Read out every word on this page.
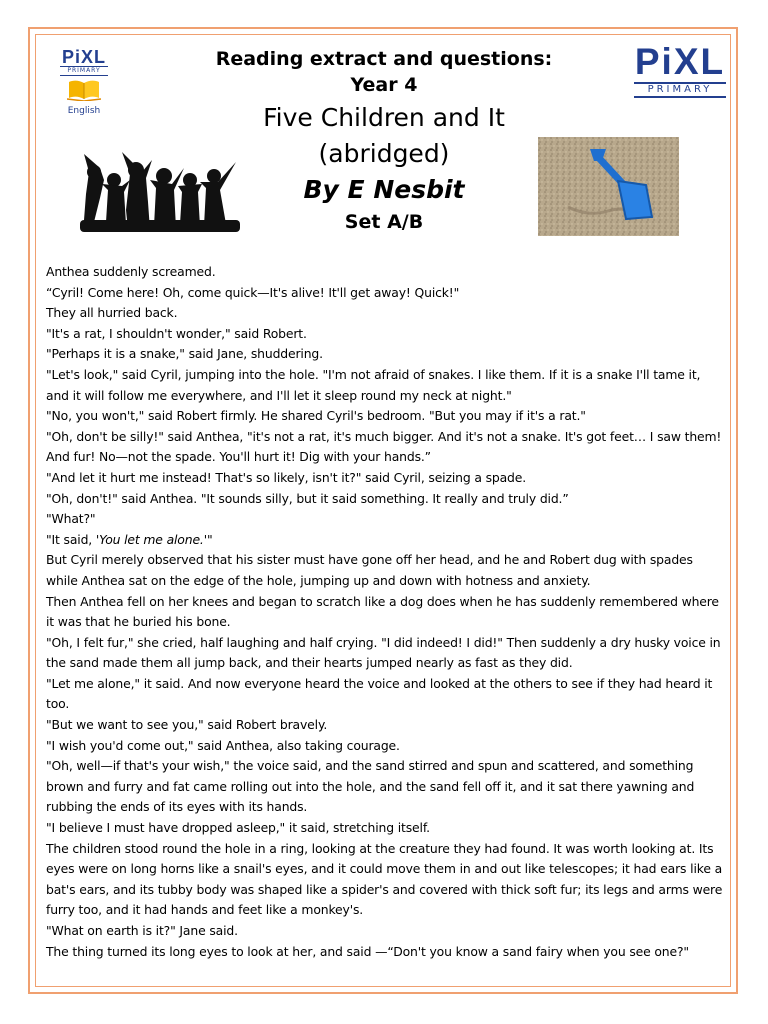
PiXL
PRIMARY
English
PiXL
PRIMARY
Reading extract and questions:
Year 4
Five Children and It
(abridged)
By E Nesbit
Set A/B

Anthea suddenly screamed.

“Cyril! Come here! Oh, come quick—It's alive! It'll get away! Quick!"

They all hurried back.

"It's a rat, I shouldn't wonder," said Robert.

"Perhaps it is a snake," said Jane, shuddering.

"Let's look," said Cyril, jumping into the hole. "I'm not afraid of snakes. I like them. If it is a snake I'll tame it, and it will follow me everywhere, and I'll let it sleep round my neck at night."

"No, you won't," said Robert firmly. He shared Cyril's bedroom. "But you may if it's a rat."

"Oh, don't be silly!" said Anthea, "it's not a rat, it's much bigger. And it's not a snake. It's got feet… I saw them! And fur! No—not the spade. You'll hurt it! Dig with your hands.”

"And let it hurt me instead! That's so likely, isn't it?" said Cyril, seizing a spade.

"Oh, don't!" said Anthea. "It sounds silly, but it said something. It really and truly did.”

"What?"

"It said, 'You let me alone.'"

But Cyril merely observed that his sister must have gone off her head, and he and Robert dug with spades while Anthea sat on the edge of the hole, jumping up and down with hotness and anxiety.

Then Anthea fell on her knees and began to scratch like a dog does when he has suddenly remembered where it was that he buried his bone.

"Oh, I felt fur," she cried, half laughing and half crying. "I did indeed! I did!" Then suddenly a dry husky voice in the sand made them all jump back, and their hearts jumped nearly as fast as they did.

"Let me alone," it said. And now everyone heard the voice and looked at the others to see if they had heard it too.

"But we want to see you," said Robert bravely.

"I wish you'd come out," said Anthea, also taking courage.

"Oh, well—if that's your wish," the voice said, and the sand stirred and spun and scattered, and something brown and furry and fat came rolling out into the hole, and the sand fell off it, and it sat there yawning and rubbing the ends of its eyes with its hands.

"I believe I must have dropped asleep," it said, stretching itself.

The children stood round the hole in a ring, looking at the creature they had found. It was worth looking at. Its eyes were on long horns like a snail's eyes, and it could move them in and out like telescopes; it had ears like a bat's ears, and its tubby body was shaped like a spider's and covered with thick soft fur; its legs and arms were furry too, and it had hands and feet like a monkey's.

"What on earth is it?" Jane said.

The thing turned its long eyes to look at her, and said —“Don't you know a sand fairy when you see one?"
